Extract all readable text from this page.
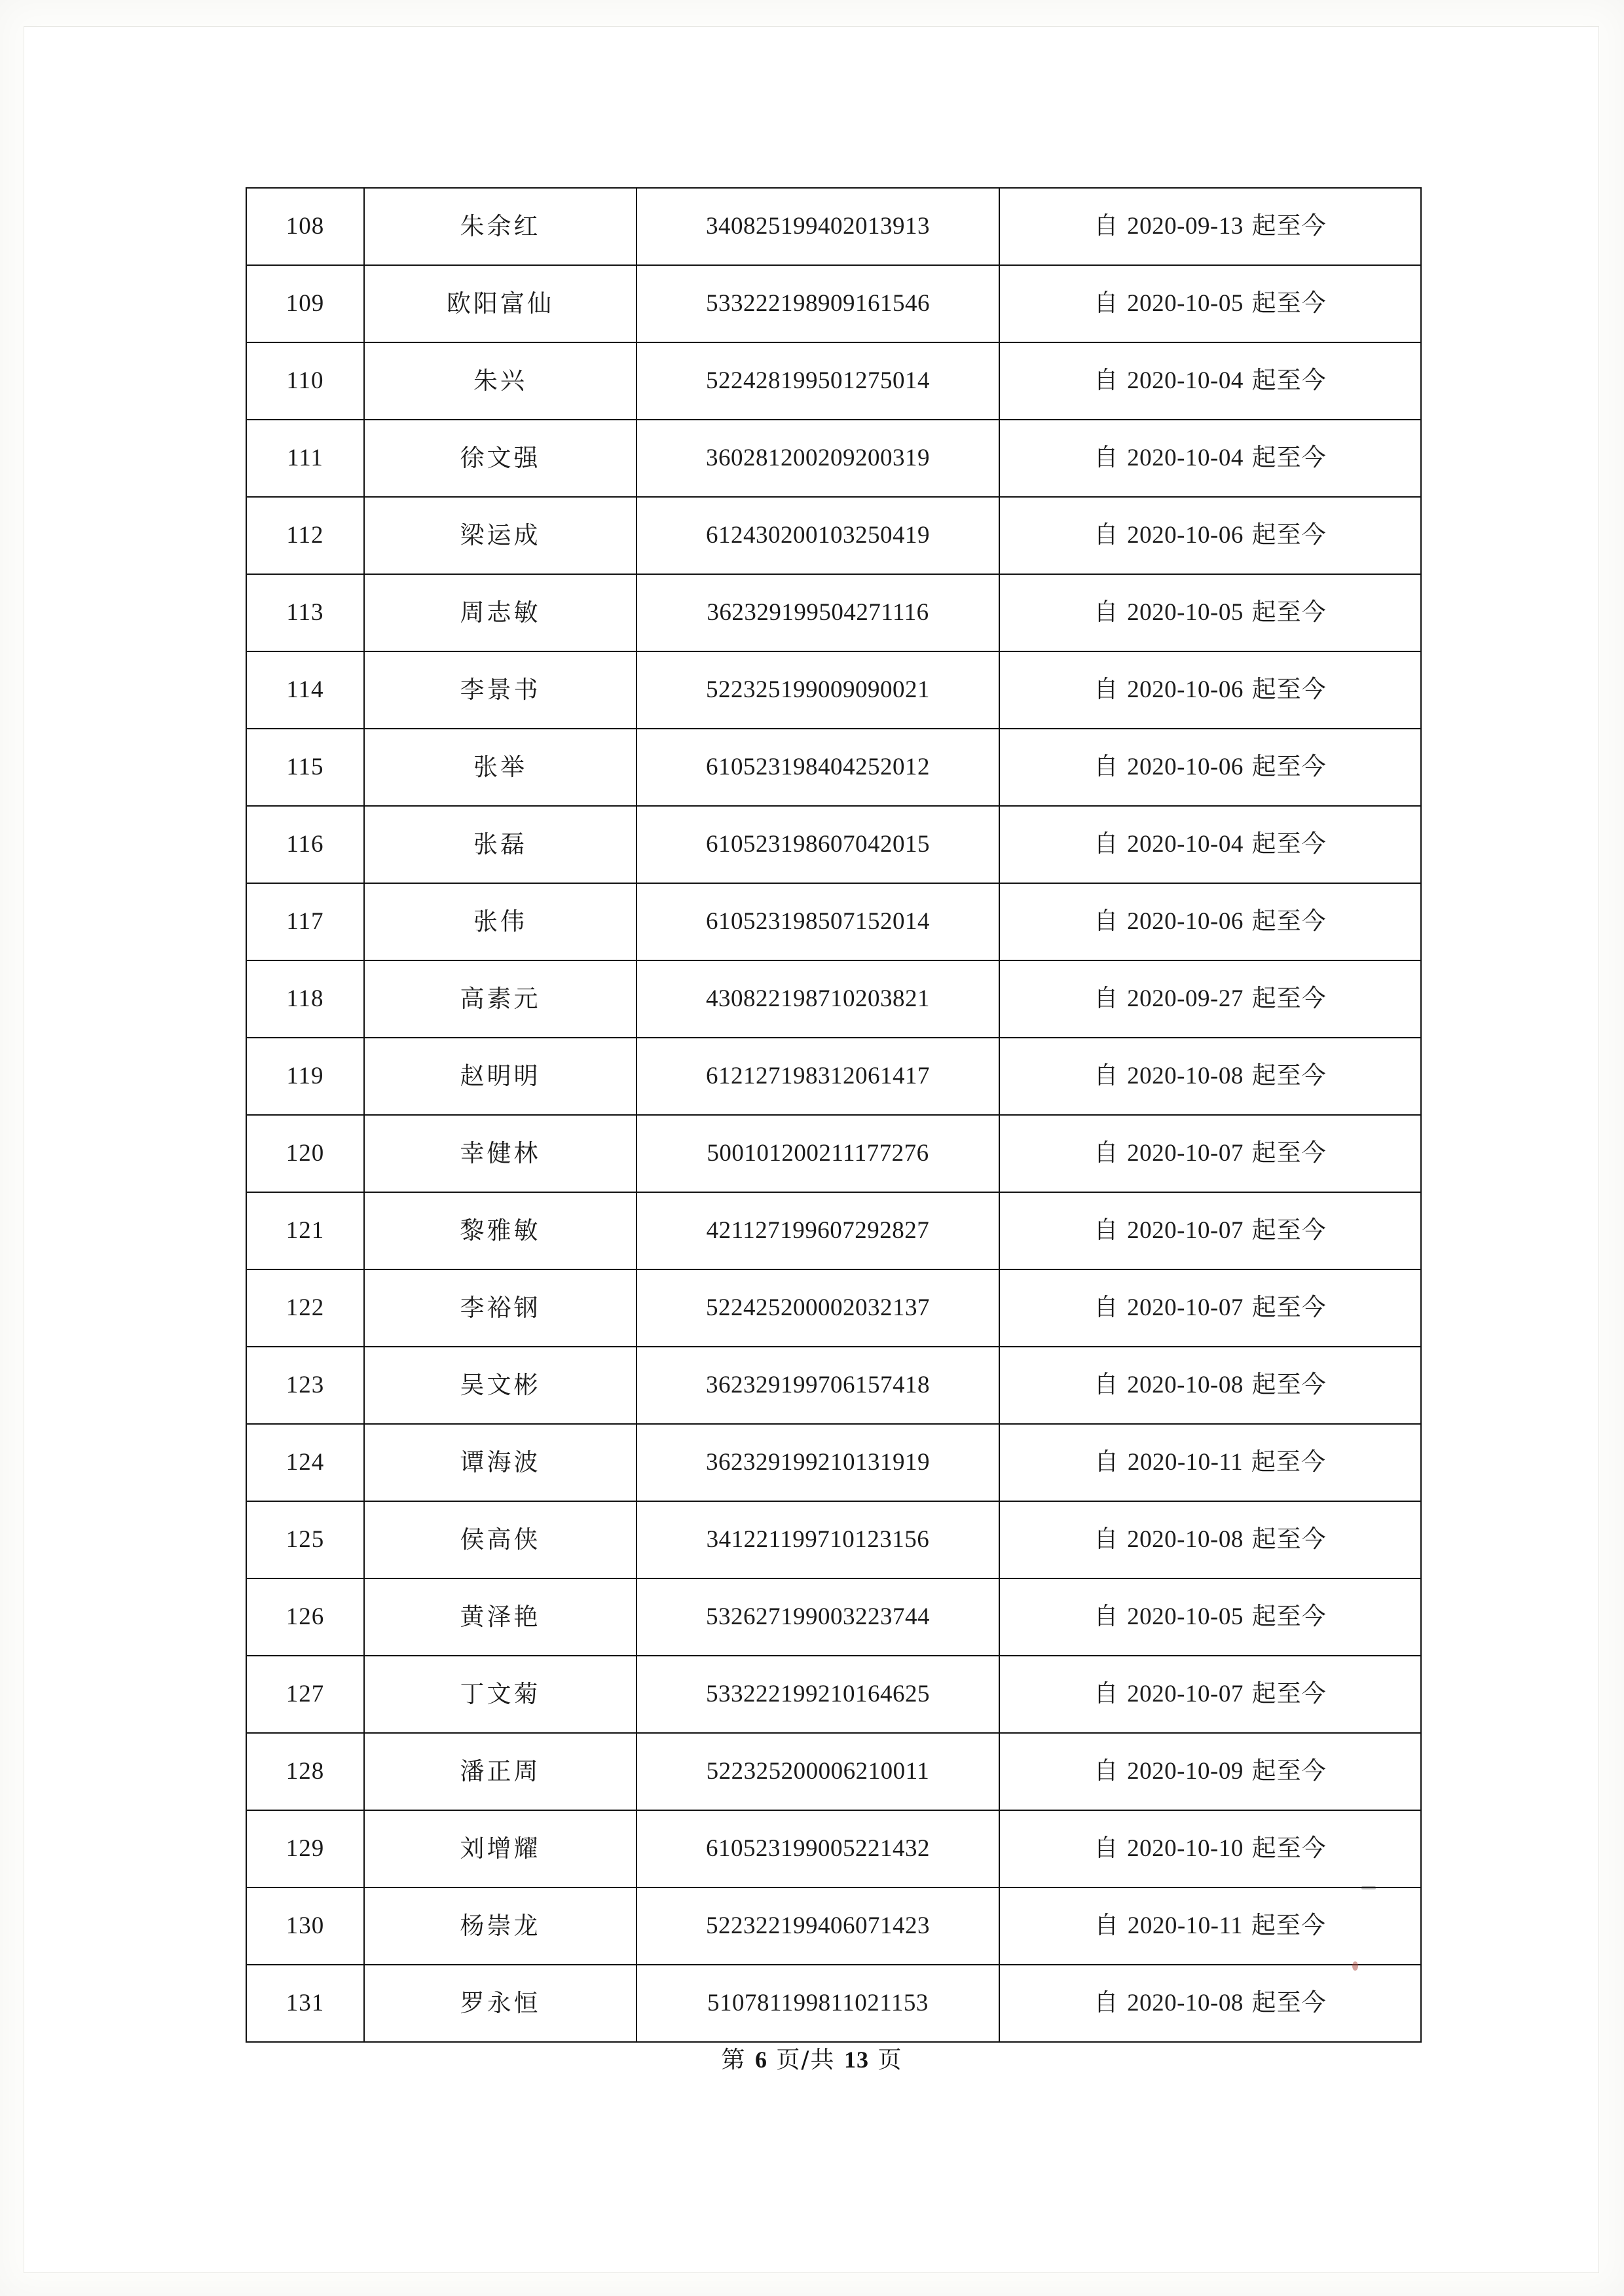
108	朱余红	340825199402013913	自 2020-09-13 起至今
109	欧阳富仙	533222198909161546	自 2020-10-05 起至今
110	朱兴	522428199501275014	自 2020-10-04 起至今
111	徐文强	360281200209200319	自 2020-10-04 起至今
112	梁运成	612430200103250419	自 2020-10-06 起至今
113	周志敏	362329199504271116	自 2020-10-05 起至今
114	李景书	522325199009090021	自 2020-10-06 起至今
115	张举	610523198404252012	自 2020-10-06 起至今
116	张磊	610523198607042015	自 2020-10-04 起至今
117	张伟	610523198507152014	自 2020-10-06 起至今
118	高素元	430822198710203821	自 2020-09-27 起至今
119	赵明明	612127198312061417	自 2020-10-08 起至今
120	幸健林	500101200211177276	自 2020-10-07 起至今
121	黎雅敏	421127199607292827	自 2020-10-07 起至今
122	李裕钢	522425200002032137	自 2020-10-07 起至今
123	吴文彬	362329199706157418	自 2020-10-08 起至今
124	谭海波	362329199210131919	自 2020-10-11 起至今
125	侯高侠	341221199710123156	自 2020-10-08 起至今
126	黄泽艳	532627199003223744	自 2020-10-05 起至今
127	丁文菊	533222199210164625	自 2020-10-07 起至今
128	潘正周	522325200006210011	自 2020-10-09 起至今
129	刘增耀	610523199005221432	自 2020-10-10 起至今
130	杨崇龙	522322199406071423	自 2020-10-11 起至今
131	罗永恒	510781199811021153	自 2020-10-08 起至今
第 6 页/共 13 页
